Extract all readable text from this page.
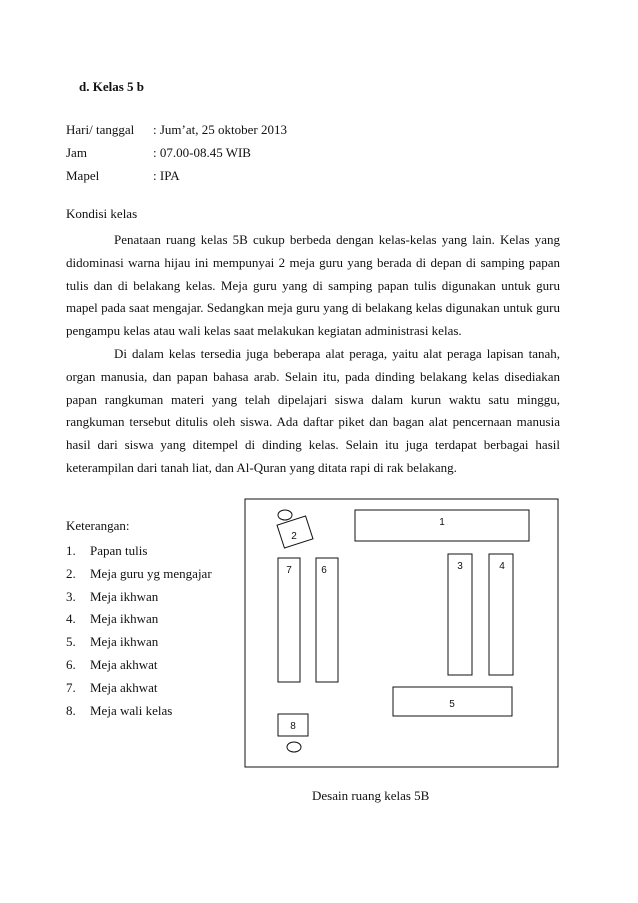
d. Kelas 5 b
Hari/ tanggal : Jum’at, 25 oktober 2013
Jam	: 07.00-08.45 WIB
Mapel	: IPA
Kondisi kelas

Penataan ruang kelas 5B cukup berbeda dengan kelas-kelas yang lain. Kelas yang didominasi warna hijau ini mempunyai 2 meja guru yang berada di depan di samping papan tulis dan di belakang kelas. Meja guru yang di samping papan tulis digunakan untuk guru mapel pada saat mengajar. Sedangkan meja guru yang di belakang kelas digunakan untuk guru pengampu kelas atau wali kelas saat melakukan kegiatan administrasi kelas.

Di dalam kelas tersedia juga beberapa alat peraga, yaitu alat peraga lapisan tanah, organ manusia, dan papan bahasa arab. Selain itu, pada dinding belakang kelas disediakan papan rangkuman materi yang telah dipelajari siswa dalam kurun waktu satu minggu, rangkuman tersebut ditulis oleh siswa. Ada daftar piket dan bagan alat pencernaan manusia hasil dari siswa yang ditempel di dinding kelas. Selain itu juga terdapat berbagai hasil keterampilan dari tanah liat, dan Al-Quran yang ditata rapi di rak belakang.

Keterangan:
1. Papan tulis
2. Meja guru yg mengajar
3. Meja ikhwan
4. Meja ikhwan
5. Meja ikhwan
6. Meja akhwat
7. Meja akhwat
8. Meja wali kelas
1
2
7	6	3	4
5
8
Desain ruang kelas 5B
